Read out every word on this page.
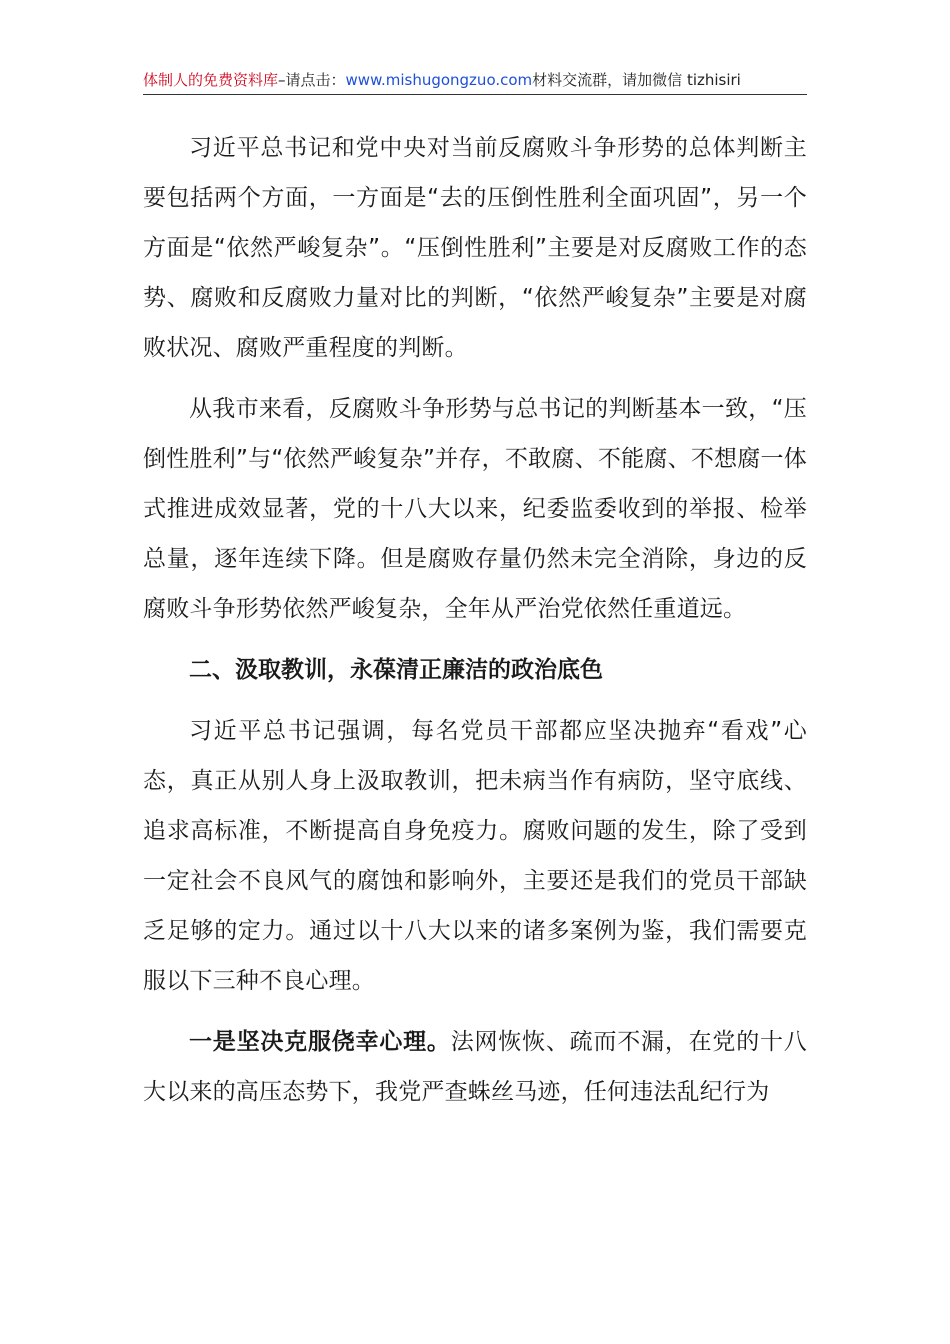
体制人的免费资料库–请点击：www.mishugongzuo.com材料交流群，请加微信 tizhisiri

习近平总书记和党中央对当前反腐败斗争形势的总体判断主要包括两个方面，一方面是“去的压倒性胜利全面巩固”，另一个方面是“依然严峻复杂”。“压倒性胜利”主要是对反腐败工作的态势、腐败和反腐败力量对比的判断，“依然严峻复杂”主要是对腐败状况、腐败严重程度的判断。

从我市来看，反腐败斗争形势与总书记的判断基本一致，“压倒性胜利”与“依然严峻复杂”并存，不敢腐、不能腐、不想腐一体式推进成效显著，党的十八大以来，纪委监委收到的举报、检举总量，逐年连续下降。但是腐败存量仍然未完全消除，身边的反腐败斗争形势依然严峻复杂，全年从严治党依然任重道远。

二、汲取教训，永葆清正廉洁的政治底色

习近平总书记强调，每名党员干部都应坚决抛弃“看戏”心态，真正从别人身上汲取教训，把未病当作有病防，坚守底线、追求高标准，不断提高自身免疫力。腐败问题的发生，除了受到一定社会不良风气的腐蚀和影响外，主要还是我们的党员干部缺乏足够的定力。通过以十八大以来的诸多案例为鉴，我们需要克服以下三种不良心理。

一是坚决克服侥幸心理。法网恢恢、疏而不漏，在党的十八大以来的高压态势下，我党严查蛛丝马迹，任何违法乱纪行为
